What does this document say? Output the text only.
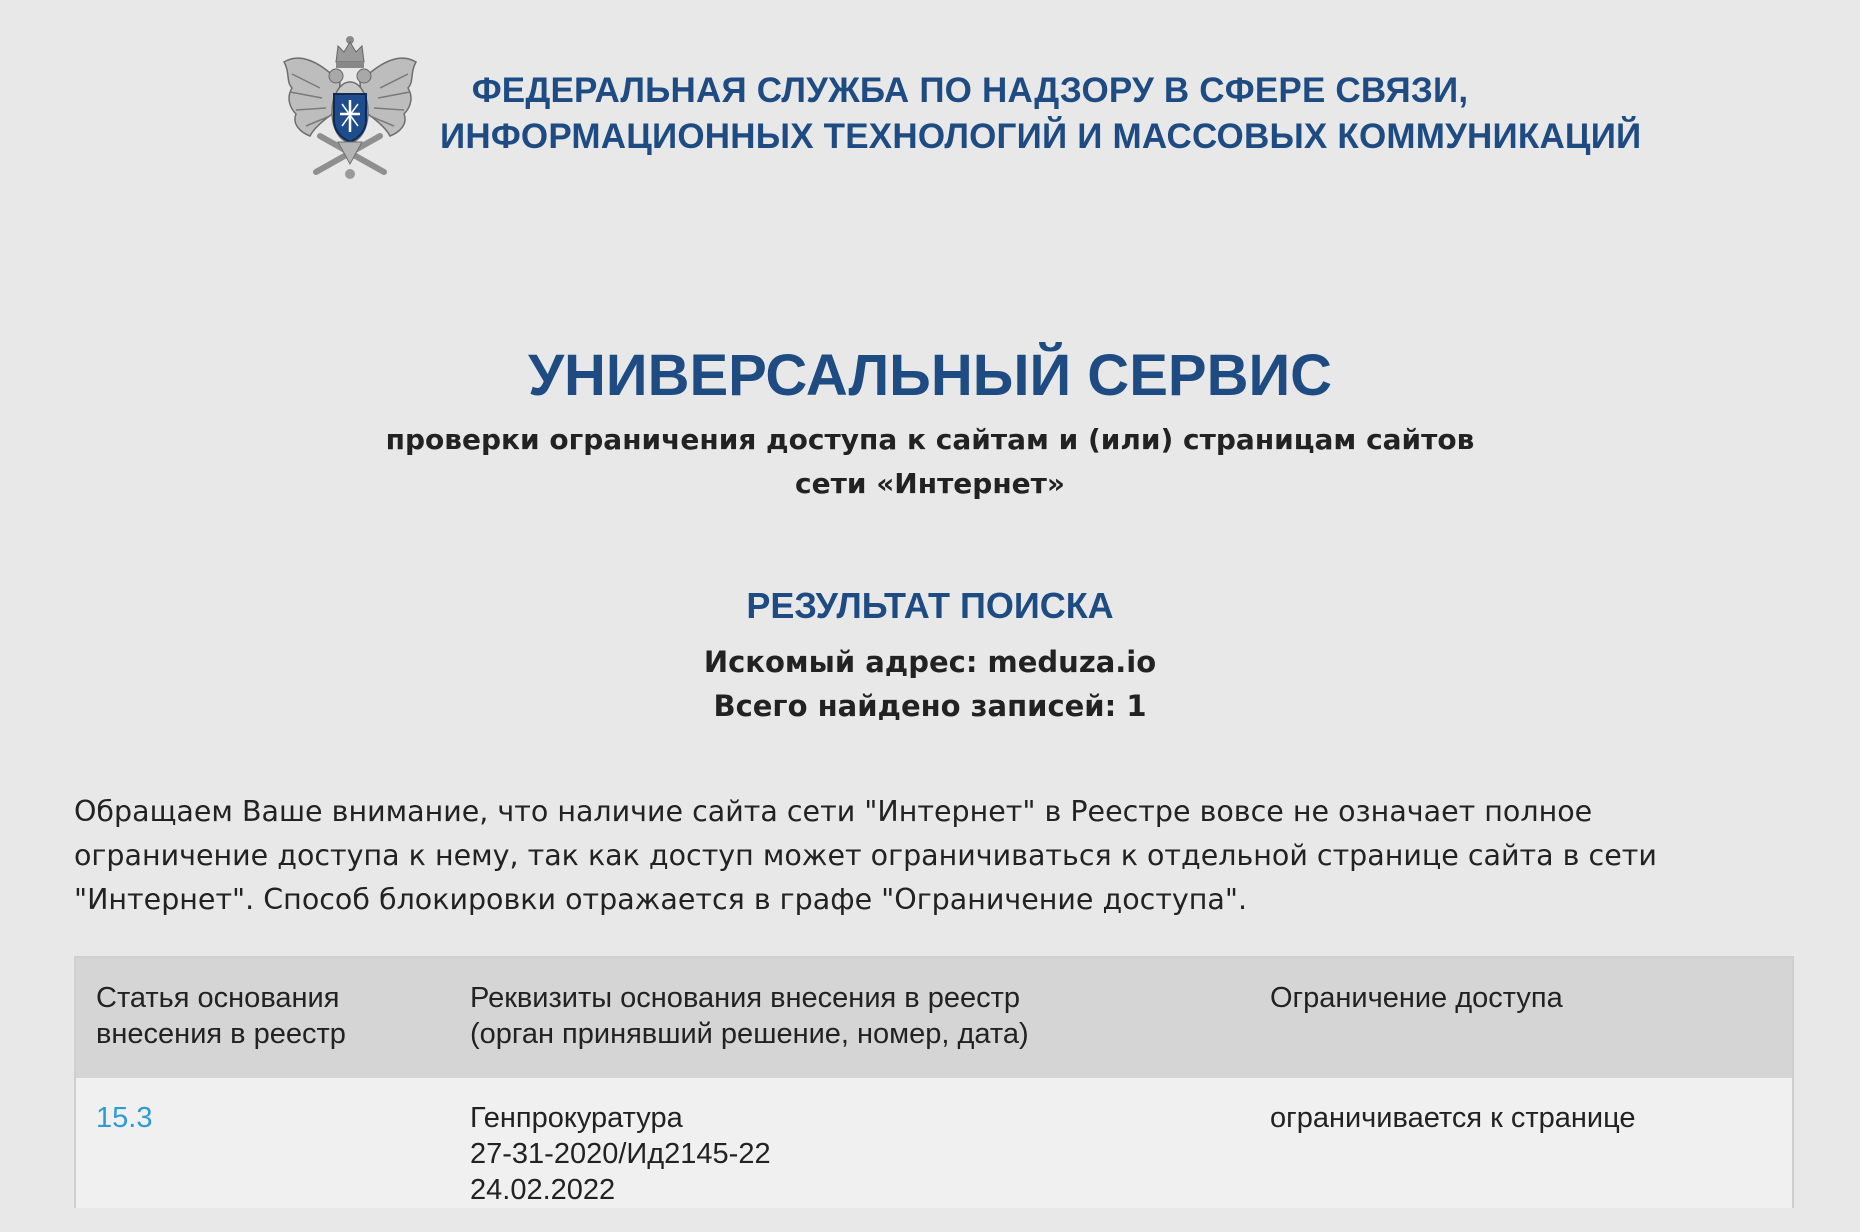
ФЕДЕРАЛЬНАЯ СЛУЖБА ПО НАДЗОРУ В СФЕРЕ СВЯЗИ,
ИНФОРМАЦИОННЫХ ТЕХНОЛОГИЙ И МАССОВЫХ КОММУНИКАЦИЙ
УНИВЕРСАЛЬНЫЙ СЕРВИС
проверки ограничения доступа к сайтам и (или) страницам сайтов
сети «Интернет»
РЕЗУЛЬТАТ ПОИСКА
Искомый адрес: meduza.io
Всего найдено записей: 1
Обращаем Ваше внимание, что наличие сайта сети "Интернет" в Реестре вовсе не означает полное
ограничение доступа к нему, так как доступ может ограничиваться к отдельной странице сайта в сети
"Интернет". Способ блокировки отражается в графе "Ограничение доступа".
Статья основания
внесения в реестр
Реквизиты основания внесения в реестр
(орган принявший решение, номер, дата)
Ограничение доступа
15.3	Генпрокуратура
27-31-2020/Ид2145-22
24.02.2022
ограничивается к странице
